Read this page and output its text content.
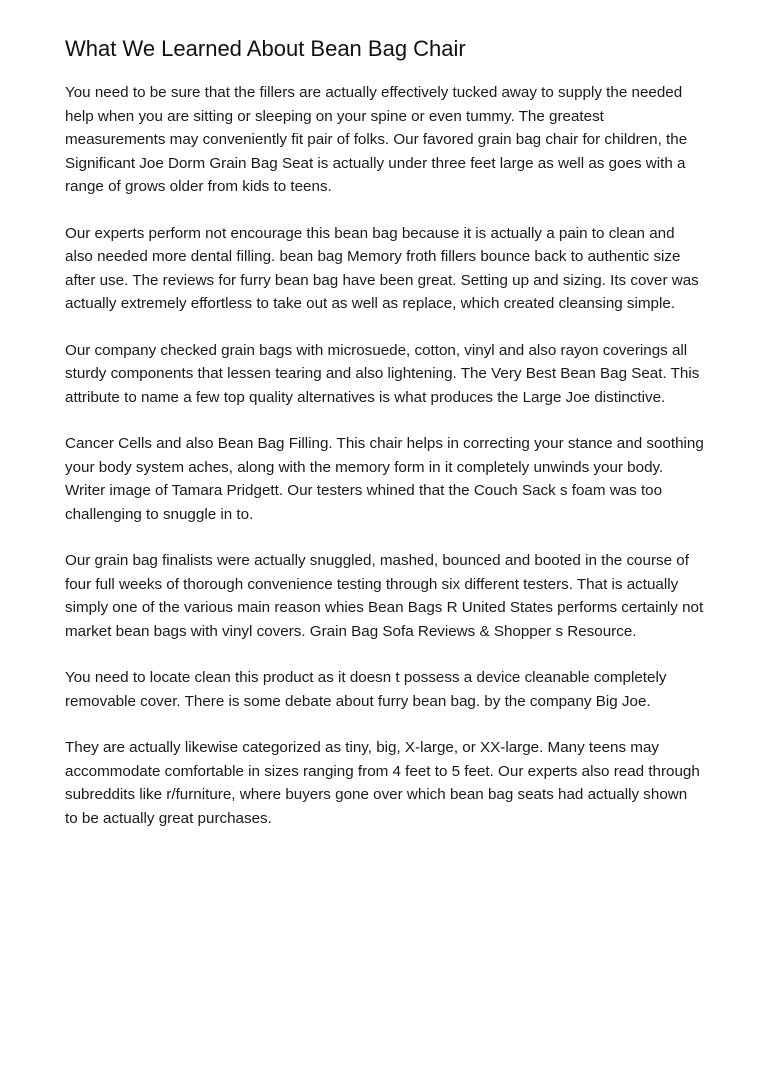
What We Learned About Bean Bag Chair

You need to be sure that the fillers are actually effectively tucked away to supply the needed help when you are sitting or sleeping on your spine or even tummy. The greatest measurements may conveniently fit pair of folks. Our favored grain bag chair for children, the Significant Joe Dorm Grain Bag Seat is actually under three feet large as well as goes with a range of grows older from kids to teens.

Our experts perform not encourage this bean bag because it is actually a pain to clean and also needed more dental filling. bean bag Memory froth fillers bounce back to authentic size after use. The reviews for furry bean bag have been great. Setting up and sizing. Its cover was actually extremely effortless to take out as well as replace, which created cleansing simple.

Our company checked grain bags with microsuede, cotton, vinyl and also rayon coverings all sturdy components that lessen tearing and also lightening. The Very Best Bean Bag Seat. This attribute to name a few top quality alternatives is what produces the Large Joe distinctive.

Cancer Cells and also Bean Bag Filling. This chair helps in correcting your stance and soothing your body system aches, along with the memory form in it completely unwinds your body. Writer image of Tamara Pridgett. Our testers whined that the Couch Sack s foam was too challenging to snuggle in to.

Our grain bag finalists were actually snuggled, mashed, bounced and booted in the course of four full weeks of thorough convenience testing through six different testers. That is actually simply one of the various main reason whies Bean Bags R United States performs certainly not market bean bags with vinyl covers. Grain Bag Sofa Reviews & Shopper s Resource.

You need to locate clean this product as it doesn t possess a device cleanable completely removable cover. There is some debate about furry bean bag. by the company Big Joe.

They are actually likewise categorized as tiny, big, X-large, or XX-large. Many teens may accommodate comfortable in sizes ranging from 4 feet to 5 feet. Our experts also read through subreddits like r/furniture, where buyers gone over which bean bag seats had actually shown to be actually great purchases.
